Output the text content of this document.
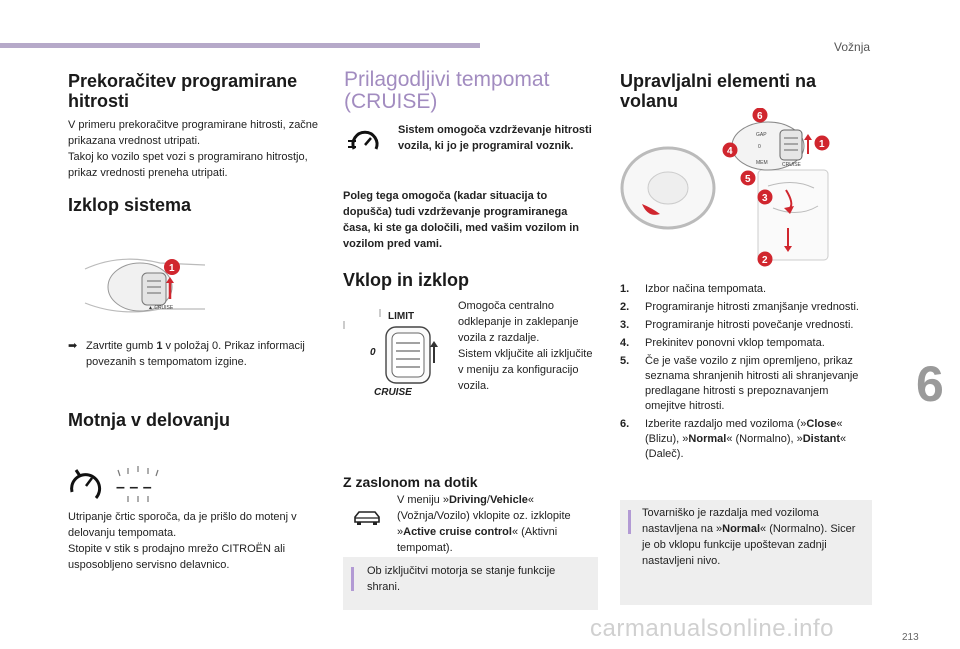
Vožnja
6
213
carmanualsonline.info
Prekoračitev programirane hitrosti

V primeru prekoračitve programirane hitrosti, začne prikazana vrednost utripati.
Takoj ko vozilo spet vozi s programirano hitrostjo, prikaz vrednosti preneha utripati.

Izklop sistema
▲ CRUISE
1
➡ Zavrtite gumb 1 v položaj 0. Prikaz informacij povezanih s tempomatom izgine.
Motnja v delovanju
– – –

Utripanje črtic sporoča, da je prišlo do motenj v delovanju tempomata.
Stopite v stik s prodajno mrežo CITROËN ali usposobljeno servisno delavnico.

Prilagodljivi tempomat (CRUISE)

Sistem omogoča vzdrževanje hitrosti vozila, ki jo je programiral voznik.

Poleg tega omogoča (kadar situacija to dopušča) tudi vzdrževanje programiranega časa, ki ste ga določili, med vašim vozilom in vozilom pred vami.

Vklop in izklop
LIMIT
0
CRUISE

Omogoča centralno odklepanje in zaklepanje vozila z razdalje.
Sistem vključite ali izključite v meniju za konfiguracijo vozila.

Z zaslonom na dotik

V meniju »Driving/Vehicle« (Vožnja/Vozilo) vklopite oz. izklopite »Active cruise control« (Aktivni tempomat).

Ob izključitvi motorja se stanje funkcije shrani.

Upravljalni elementi na volanu
GAP
0
MEM	CRUISE
6
4
1
5
3
2
1.	Izbor načina tempomata.
2.	Programiranje hitrosti zmanjšanje vrednosti.
3.	Programiranje hitrosti povečanje vrednosti.
4.	Prekinitev ponovni vklop tempomata.
5.	Če je vaše vozilo z njim opremljeno, prikaz seznama shranjenih hitrosti ali shranjevanje predlagane hitrosti s prepoznavanjem omejitve hitrosti.
6.	Izberite razdaljo med voziloma (»Close« (Blizu), »Normal« (Normalno), »Distant« (Daleč).

Tovarniško je razdalja med voziloma nastavljena na »Normal« (Normalno). Sicer je ob vklopu funkcije upoštevan zadnji nastavljeni nivo.
